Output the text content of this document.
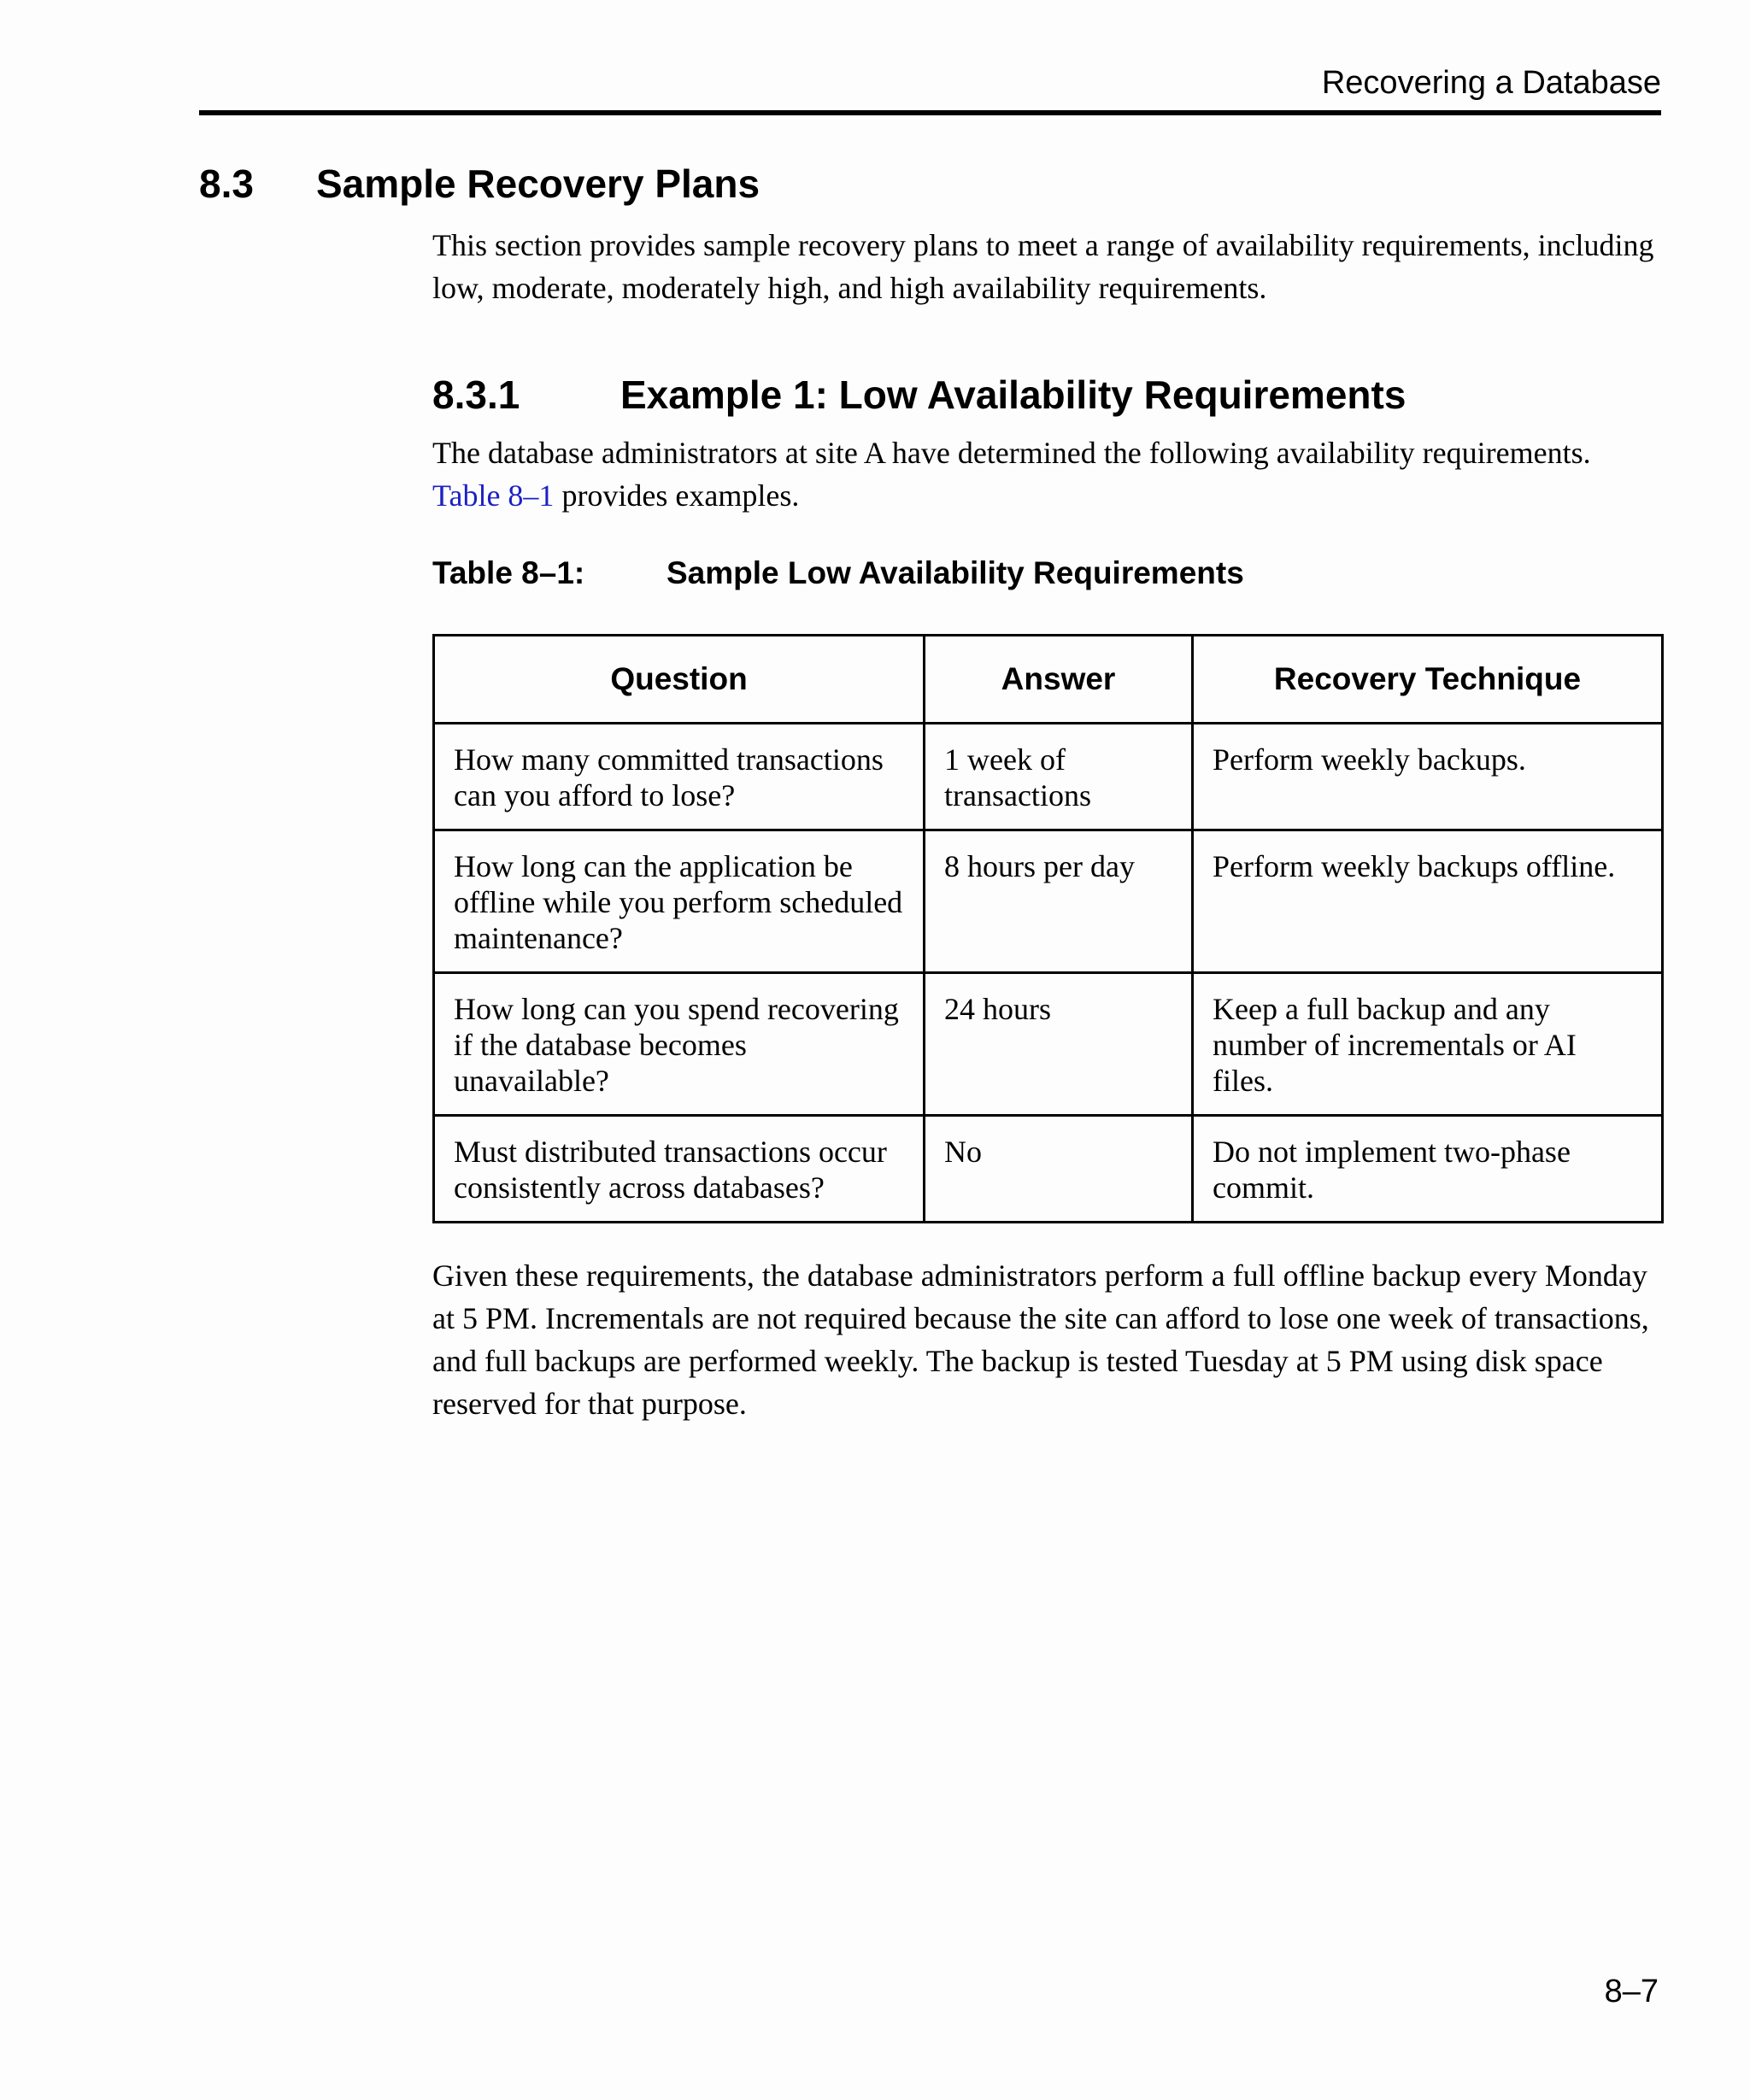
Recovering a Database
8.3 Sample Recovery Plans

This section provides sample recovery plans to meet a range of availability requirements, including low, moderate, moderately high, and high availability requirements.

8.3.1	Example 1: Low Availability Requirements

The database administrators at site A have determined the following availability requirements. Table 8–1 provides examples.

Table 8–1:	Sample Low Availability Requirements
Question	Answer	Recovery Technique
How many committed transactions can you afford to lose?	1 week of transactions	Perform weekly backups.
How long can the application be offline while you perform scheduled maintenance?	8 hours per day	Perform weekly backups offline.
How long can you spend recovering if the database becomes unavailable?	24 hours	Keep a full backup and any number of incrementals or AI files.
Must distributed transactions occur consistently across databases?	No	Do not implement two-phase commit.

Given these requirements, the database administrators perform a full offline backup every Monday at 5 PM. Incrementals are not required because the site can afford to lose one week of transactions, and full backups are performed weekly. The backup is tested Tuesday at 5 PM using disk space reserved for that purpose.

8–7
